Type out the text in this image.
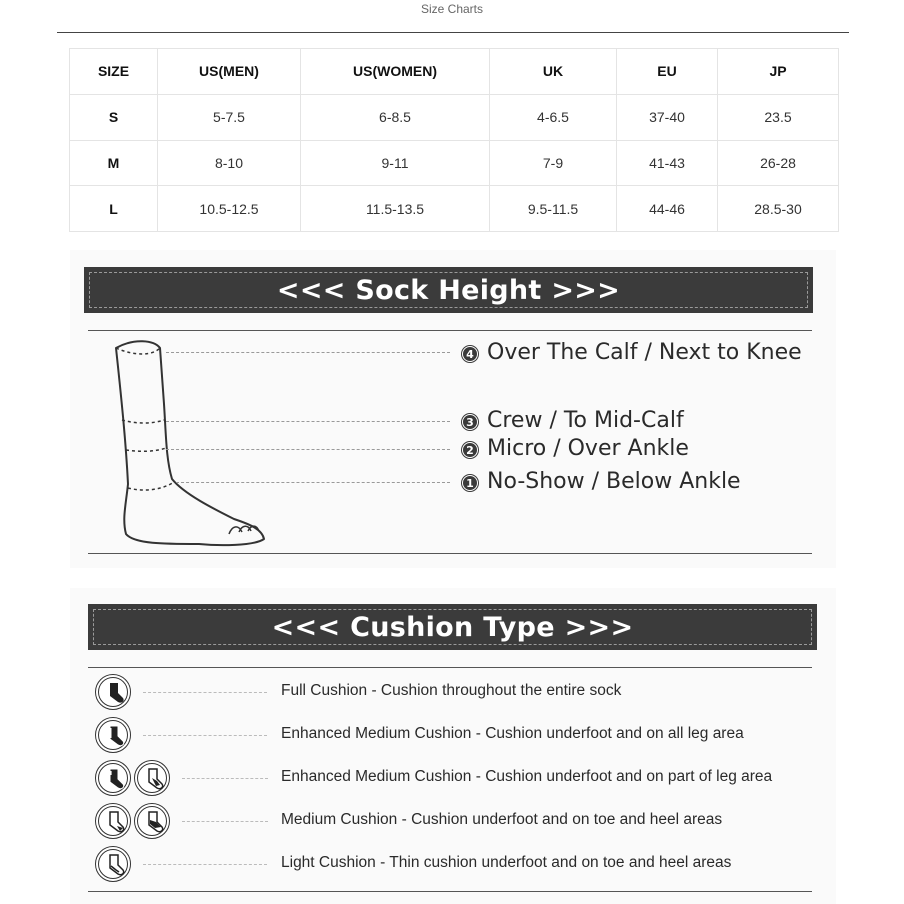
Size Charts
SIZE	US(MEN)	US(WOMEN)	UK	EU	JP
S	5-7.5	6-8.5	4-6.5	37-40	23.5
M	8-10	9-11	7-9	41-43	26-28
L	10.5-12.5	11.5-13.5	9.5-11.5	44-46	28.5-30
<<< Sock Height >>>
4 Over The Calf / Next to Knee
3 Crew / To Mid-Calf
2 Micro / Over Ankle
1 No-Show / Below Ankle
<<< Cushion Type >>>
Full Cushion - Cushion throughout the entire sock
Enhanced Medium Cushion - Cushion underfoot and on all leg area
Enhanced Medium Cushion - Cushion underfoot and on part of leg area
Medium Cushion - Cushion underfoot and on toe and heel areas
Light Cushion - Thin cushion underfoot and on toe and heel areas
